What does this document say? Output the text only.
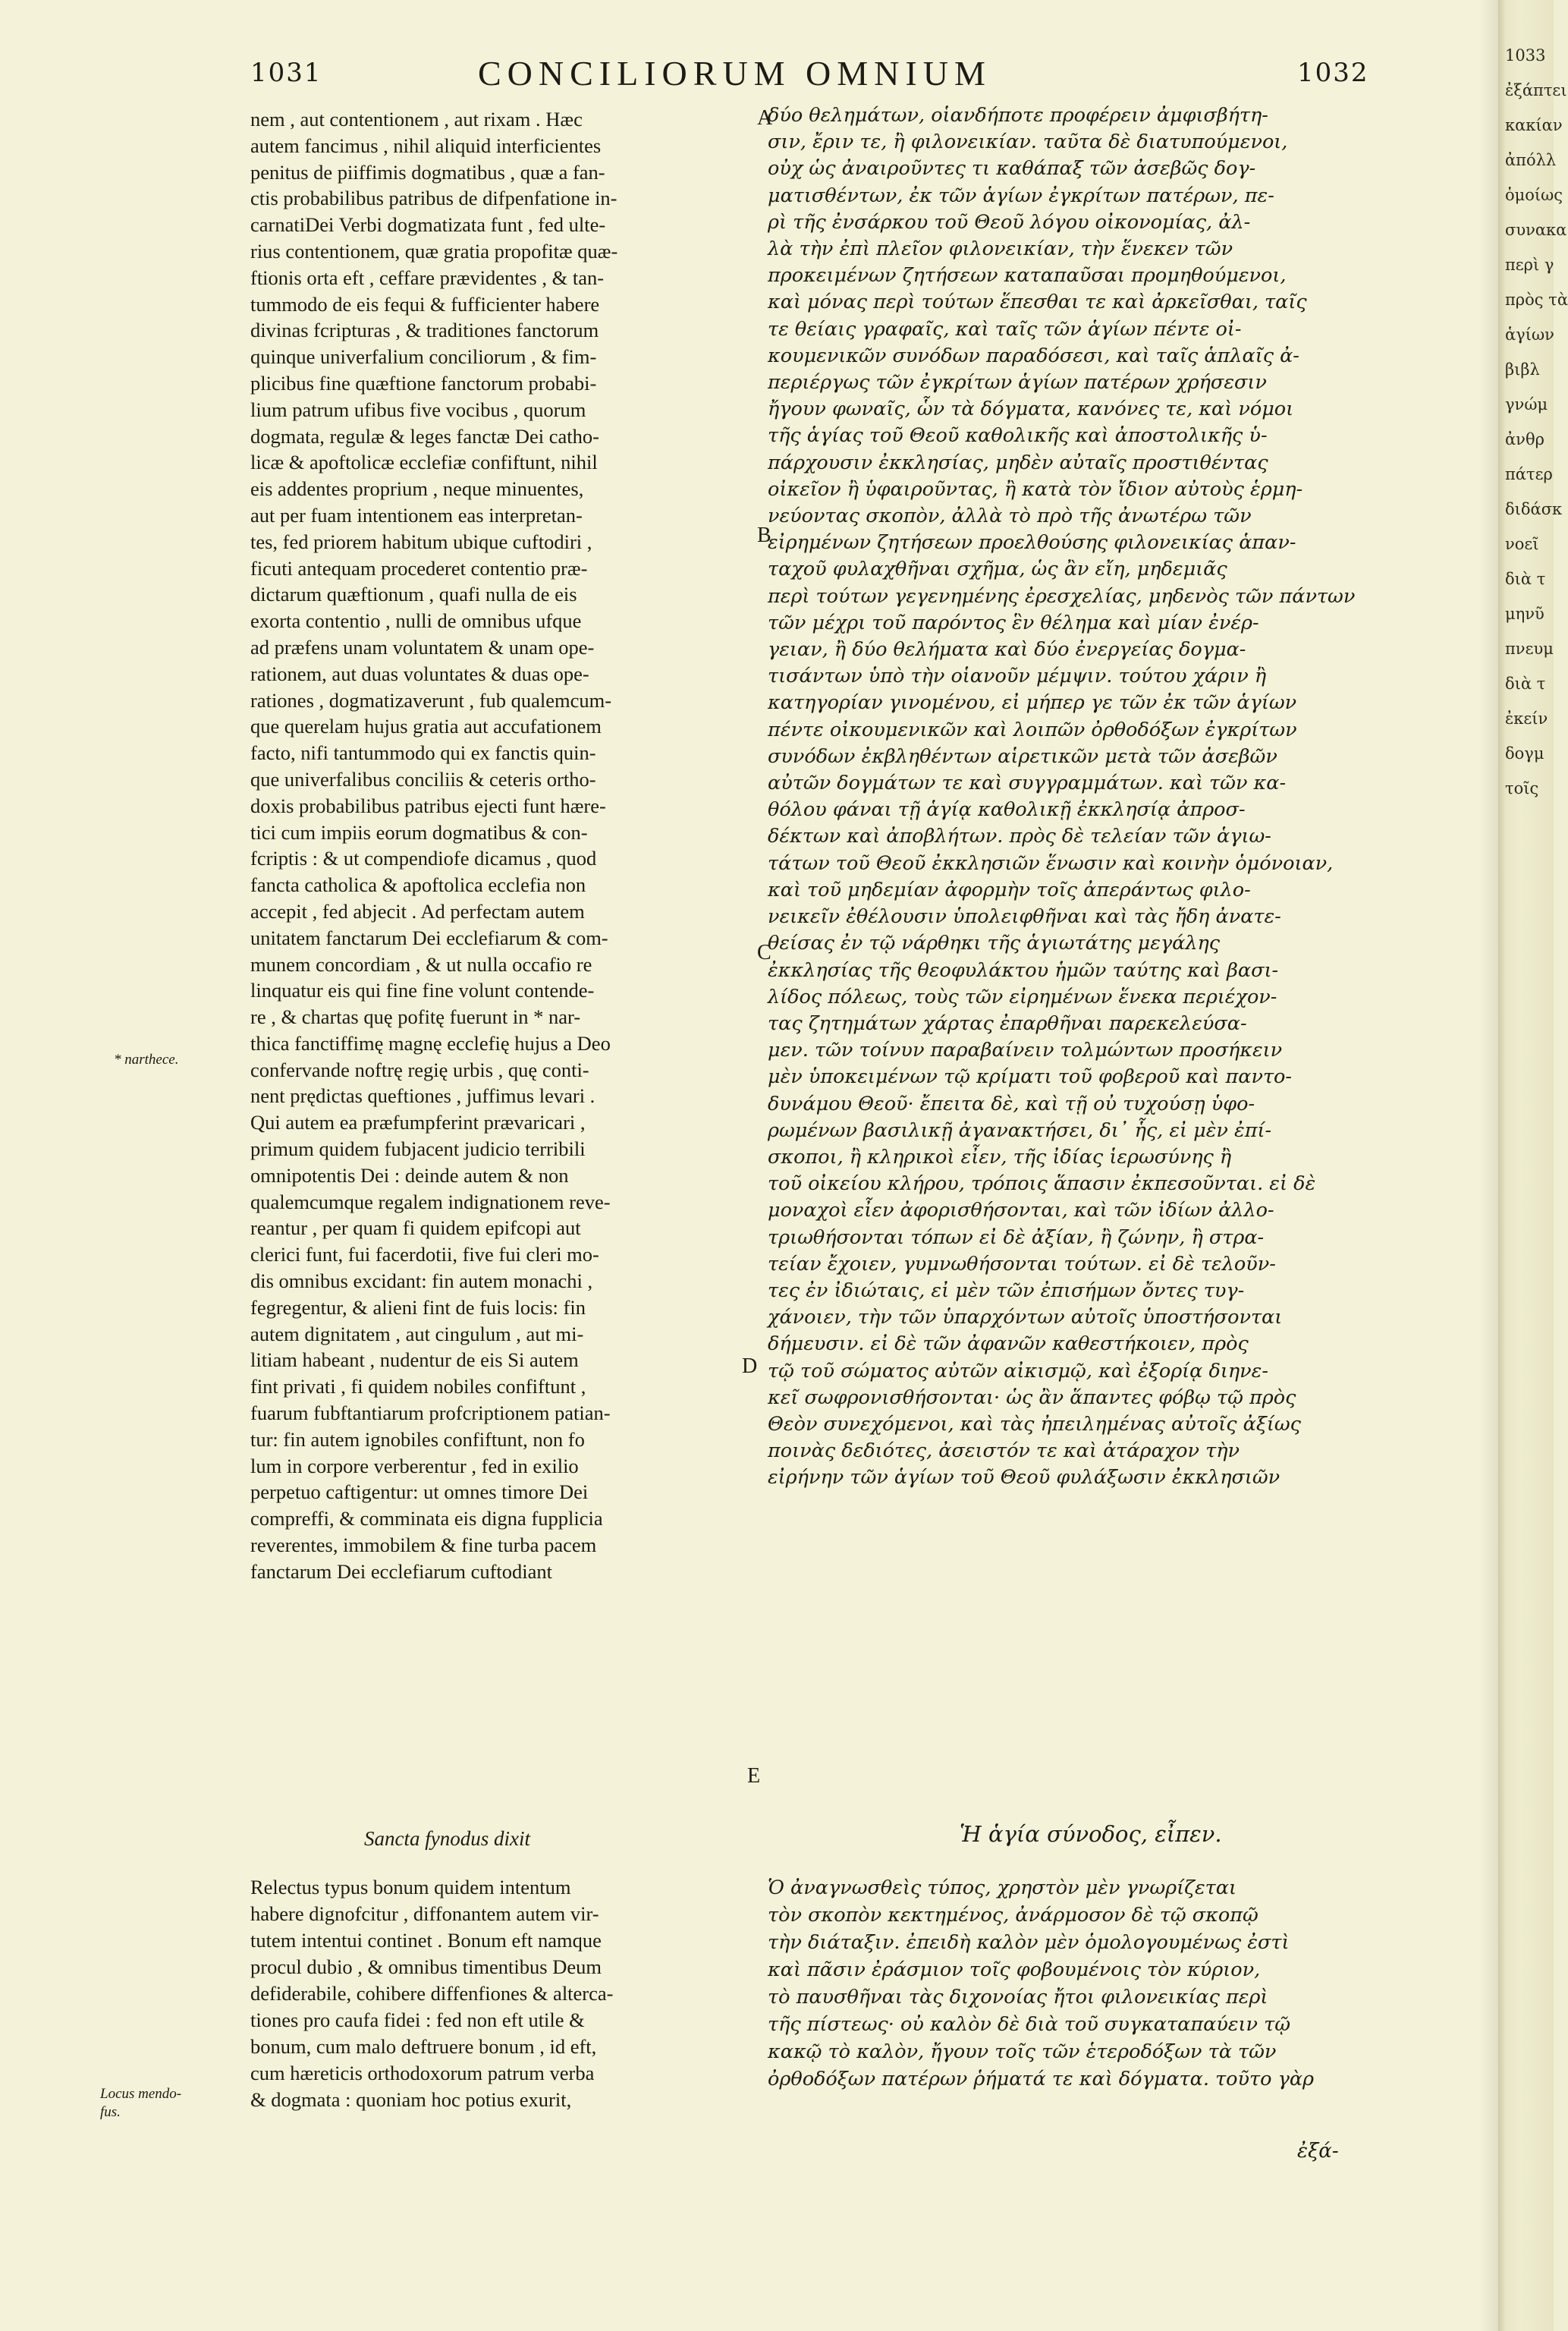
1031	CONCILIORUM OMNIUM	1032
nem , aut contentionem , aut rixam . Hæc
autem fancimus , nihil aliquid interficientes
penitus de piiffimis dogmatibus , quæ a fan-
ctis probabilibus patribus de difpenfatione in-
carnatiDei Verbi dogmatizata funt , fed ulte-
rius contentionem, quæ gratia propofitæ quæ-
ftionis orta eft , ceffare prævidentes , & tan-
tummodo de eis fequi & fufficienter habere
divinas fcripturas , & traditiones fanctorum
quinque univerfalium conciliorum , & fim-
plicibus fine quæftione fanctorum probabi-
lium patrum ufibus five vocibus , quorum
dogmata, regulæ & leges fanctæ Dei catho-
licæ & apoftolicæ ecclefiæ confiftunt, nihil
eis addentes proprium , neque minuentes,
aut per fuam intentionem eas interpretan-
tes, fed priorem habitum ubique cuftodiri ,
ficuti antequam procederet contentio præ-
dictarum quæftionum , quafi nulla de eis
exorta contentio , nulli de omnibus ufque
ad præfens unam voluntatem & unam ope-
rationem, aut duas voluntates & duas ope-
rationes , dogmatizaverunt , fub qualemcum-
que querelam hujus gratia aut accufationem
facto, nifi tantummodo qui ex fanctis quin-
que univerfalibus conciliis & ceteris ortho-
doxis probabilibus patribus ejecti funt hære-
tici cum impiis eorum dogmatibus & con-
fcriptis : & ut compendiofe dicamus , quod
fancta catholica & apoftolica ecclefia non
accepit , fed abjecit . Ad perfectam autem
unitatem fanctarum Dei ecclefiarum & com-
munem concordiam , & ut nulla occafio re
linquatur eis qui fine fine volunt contende-
re , & chartas quę pofitę fuerunt in * nar-
thica fanctiffimę magnę ecclefię hujus a Deo
confervande noftrę regię urbis , quę conti-
nent prędictas queftiones , juffimus levari .
Qui autem ea præfumpferint prævaricari ,
primum quidem fubjacent judicio terribili
omnipotentis Dei : deinde autem & non
qualemcumque regalem indignationem reve-
reantur , per quam fi quidem epifcopi aut
clerici funt, fui facerdotii, five fui cleri mo-
dis omnibus excidant: fin autem monachi ,
fegregentur, & alieni fint de fuis locis: fin
autem dignitatem , aut cingulum , aut mi-
litiam habeant , nudentur de eis Si autem
fint privati , fi quidem nobiles confiftunt ,
fuarum fubftantiarum profcriptionem patian-
tur: fin autem ignobiles confiftunt, non fo
lum in corpore verberentur , fed in exilio
perpetuo caftigentur: ut omnes timore Dei
compreffi, & comminata eis digna fupplicia
reverentes, immobilem & fine turba pacem
fanctarum Dei ecclefiarum cuftodiant
δύο θελημάτων, οἱανδήποτε προφέρειν ἀμφισβήτη-
σιν, ἔριν τε, ἢ φιλονεικίαν. ταῦτα δὲ διατυπούμενοι,
οὐχ ὡς ἀναιροῦντες τι καθάπαξ τῶν ἀσεβῶς δογ-
ματισθέντων, ἐκ τῶν ἁγίων ἐγκρίτων πατέρων, πε-
ρὶ τῆς ἐνσάρκου τοῦ Θεοῦ λόγου οἰκονομίας, ἀλ-
λὰ τὴν ἐπὶ πλεῖον φιλονεικίαν, τὴν ἕνεκεν τῶν
προκειμένων ζητήσεων καταπαῦσαι προμηθούμενοι,
καὶ μόνας περὶ τούτων ἕπεσθαι τε καὶ ἀρκεῖσθαι, ταῖς
τε θείαις γραφαῖς, καὶ ταῖς τῶν ἁγίων πέντε οἰ-
κουμενικῶν συνόδων παραδόσεσι, καὶ ταῖς ἁπλαῖς ἀ-
περιέργως τῶν ἐγκρίτων ἁγίων πατέρων χρήσεσιν
ἤγουν φωναῖς, ὧν τὰ δόγματα, κανόνες τε, καὶ νόμοι
τῆς ἁγίας τοῦ Θεοῦ καθολικῆς καὶ ἀποστολικῆς ὑ-
πάρχουσιν ἐκκλησίας, μηδὲν αὐταῖς προστιθέντας
οἰκεῖον ἢ ὑφαιροῦντας, ἢ κατὰ τὸν ἴδιον αὐτοὺς ἑρμη-
νεύοντας σκοπὸν, ἀλλὰ τὸ πρὸ τῆς ἀνωτέρω τῶν
εἰρημένων ζητήσεων προελθούσης φιλονεικίας ἁπαν-
ταχοῦ φυλαχθῆναι σχῆμα, ὡς ἂν εἴη, μηδεμιᾶς
περὶ τούτων γεγενημένης ἐρεσχελίας, μηδενὸς τῶν πάντων
τῶν μέχρι τοῦ παρόντος ἓν θέλημα καὶ μίαν ἐνέρ-
γειαν, ἢ δύο θελήματα καὶ δύο ἐνεργείας δογμα-
τισάντων ὑπὸ τὴν οἱανοῦν μέμψιν. τούτου χάριν ἢ
κατηγορίαν γινομένου, εἰ μήπερ γε τῶν ἐκ τῶν ἁγίων
πέντε οἰκουμενικῶν καὶ λοιπῶν ὀρθοδόξων ἐγκρίτων
συνόδων ἐκβληθέντων αἱρετικῶν μετὰ τῶν ἀσεβῶν
αὐτῶν δογμάτων τε καὶ συγγραμμάτων. καὶ τῶν κα-
θόλου φάναι τῇ ἁγίᾳ καθολικῇ ἐκκλησίᾳ ἀπροσ-
δέκτων καὶ ἀποβλήτων. πρὸς δὲ τελείαν τῶν ἁγιω-
τάτων τοῦ Θεοῦ ἐκκλησιῶν ἕνωσιν καὶ κοινὴν ὁμόνοιαν,
καὶ τοῦ μηδεμίαν ἀφορμὴν τοῖς ἀπεράντως φιλο-
νεικεῖν ἐθέλουσιν ὑπολειφθῆναι καὶ τὰς ἤδη ἀνατε-
θείσας ἐν τῷ νάρθηκι τῆς ἁγιωτάτης μεγάλης
ἐκκλησίας τῆς θεοφυλάκτου ἡμῶν ταύτης καὶ βασι-
λίδος πόλεως, τοὺς τῶν εἰρημένων ἕνεκα περιέχον-
τας ζητημάτων χάρτας ἐπαρθῆναι παρεκελεύσα-
μεν. τῶν τοίνυν παραβαίνειν τολμώντων προσήκειν
μὲν ὑποκειμένων τῷ κρίματι τοῦ φοβεροῦ καὶ παντο-
δυνάμου Θεοῦ· ἔπειτα δὲ, καὶ τῇ οὐ τυχούσῃ ὑφο-
ρωμένων βασιλικῇ ἀγανακτήσει, δι᾿ ἧς, εἰ μὲν ἐπί-
σκοποι, ἢ κληρικοὶ εἶεν, τῆς ἰδίας ἱερωσύνης ἢ
τοῦ οἰκείου κλήρου, τρόποις ἅπασιν ἐκπεσοῦνται. εἰ δὲ
μοναχοὶ εἶεν ἀφορισθήσονται, καὶ τῶν ἰδίων ἀλλο-
τριωθήσονται τόπων εἰ δὲ ἀξίαν, ἢ ζώνην, ἢ στρα-
τείαν ἔχοιεν, γυμνωθήσονται τούτων. εἰ δὲ τελοῦν-
τες ἐν ἰδιώταις, εἰ μὲν τῶν ἐπισήμων ὄντες τυγ-
χάνοιεν, τὴν τῶν ὑπαρχόντων αὐτοῖς ὑποστήσονται
δήμευσιν. εἰ δὲ τῶν ἀφανῶν καθεστήκοιεν, πρὸς
τῷ τοῦ σώματος αὐτῶν αἰκισμῷ, καὶ ἐξορίᾳ διηνε-
κεῖ σωφρονισθήσονται· ὡς ἂν ἅπαντες φόβῳ τῷ πρὸς
Θεὸν συνεχόμενοι, καὶ τὰς ἠπειλημένας αὐτοῖς ἀξίως
ποινὰς δεδιότες, ἀσειστόν τε καὶ ἀτάραχον τὴν
εἰρήνην τῶν ἁγίων τοῦ Θεοῦ φυλάξωσιν ἐκκλησιῶν
A
B
C
D
E
* narthece.
Locus mendo-
fus.
Sancta fynodus dixit	Ἡ ἁγία σύνοδος, εἶπεν.
Relectus typus bonum quidem intentum
habere dignofcitur , diffonantem autem vir-
tutem intentui continet . Bonum eft namque
procul dubio , & omnibus timentibus Deum
defiderabile, cohibere diffenfiones & alterca-
tiones pro caufa fidei : fed non eft utile &
bonum, cum malo deftruere bonum , id eft,
cum hæreticis orthodoxorum patrum verba
& dogmata : quoniam hoc potius exurit,
Ὁ ἀναγνωσθεὶς τύπος, χρηστὸν μὲν γνωρίζεται
τὸν σκοπὸν κεκτημένος, ἀνάρμοσον δὲ τῷ σκοπῷ
τὴν διάταξιν. ἐπειδὴ καλὸν μὲν ὁμολογουμένως ἐστὶ
καὶ πᾶσιν ἐράσμιον τοῖς φοβουμένοις τὸν κύριον,
τὸ παυσθῆναι τὰς διχονοίας ἤτοι φιλονεικίας περὶ
τῆς πίστεως· οὐ καλὸν δὲ διὰ τοῦ συγκαταπαύειν τῷ
κακῷ τὸ καλὸν, ἤγουν τοῖς τῶν ἑτεροδόξων τὰ τῶν
ὀρθοδόξων πατέρων ῥήματά τε καὶ δόγματα. τοῦτο γὰρ
ἐξά-
1033
ἐξάπτει
κακίαν
ἀπόλλ
ὁμοίως
συνακα
περὶ γ
πρὸς τὰ
ἁγίων
βιβλ
γνώμ
ἀνθρ
πάτερ
διδάσκ
νοεῖ
διὰ τ
μηνῦ
πνευμ
διὰ τ
ἐκείν
δογμ
τοῖς
